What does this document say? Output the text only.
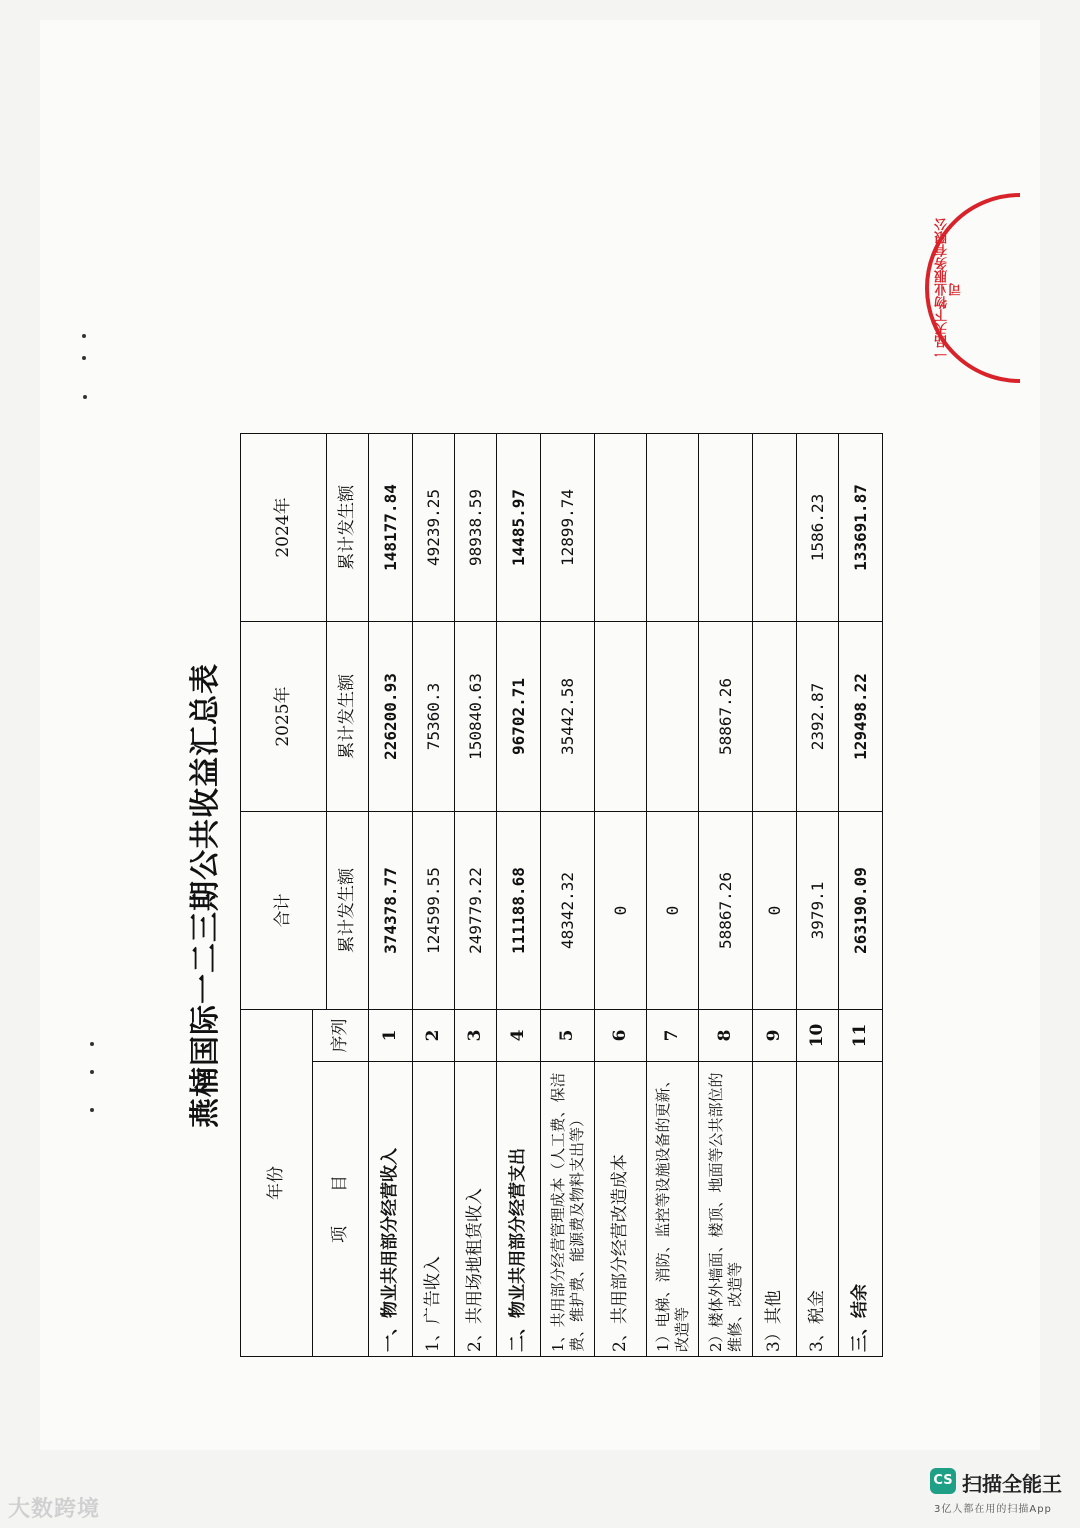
一品天下物业服务有限公司
燕楠国际一二三期公共收益汇总表
年份		合计	2025年	2024年
项　　目	序列			
		累计发生额	累计发生额	累计发生额
一、物业共用部分经营收入	1	374378.77	226200.93	148177.84
1、广告收入	2	124599.55	75360.3	49239.25
2、共用场地租赁收入	3	249779.22	150840.63	98938.59
二、物业共用部分经营支出	4	111188.68	96702.71	14485.97
1、共用部分经营管理成本（人工费、保洁费、维护费、能源费及物料支出等）	5	48342.32	35442.58	12899.74
2、共用部分经营改造成本	6	0		
1）电梯、消防、监控等设施设备的更新、改造等	7	0		
2）楼体外墙面、楼顶、地面等公共部位的维修、改造等	8	58867.26	58867.26	
3）其他	9	0		
3、税金	10	3979.1	2392.87	1586.23
三、结余	11	263190.09	129498.22	133691.87
大数跨境
CS 扫描全能王
3亿人都在用的扫描App
